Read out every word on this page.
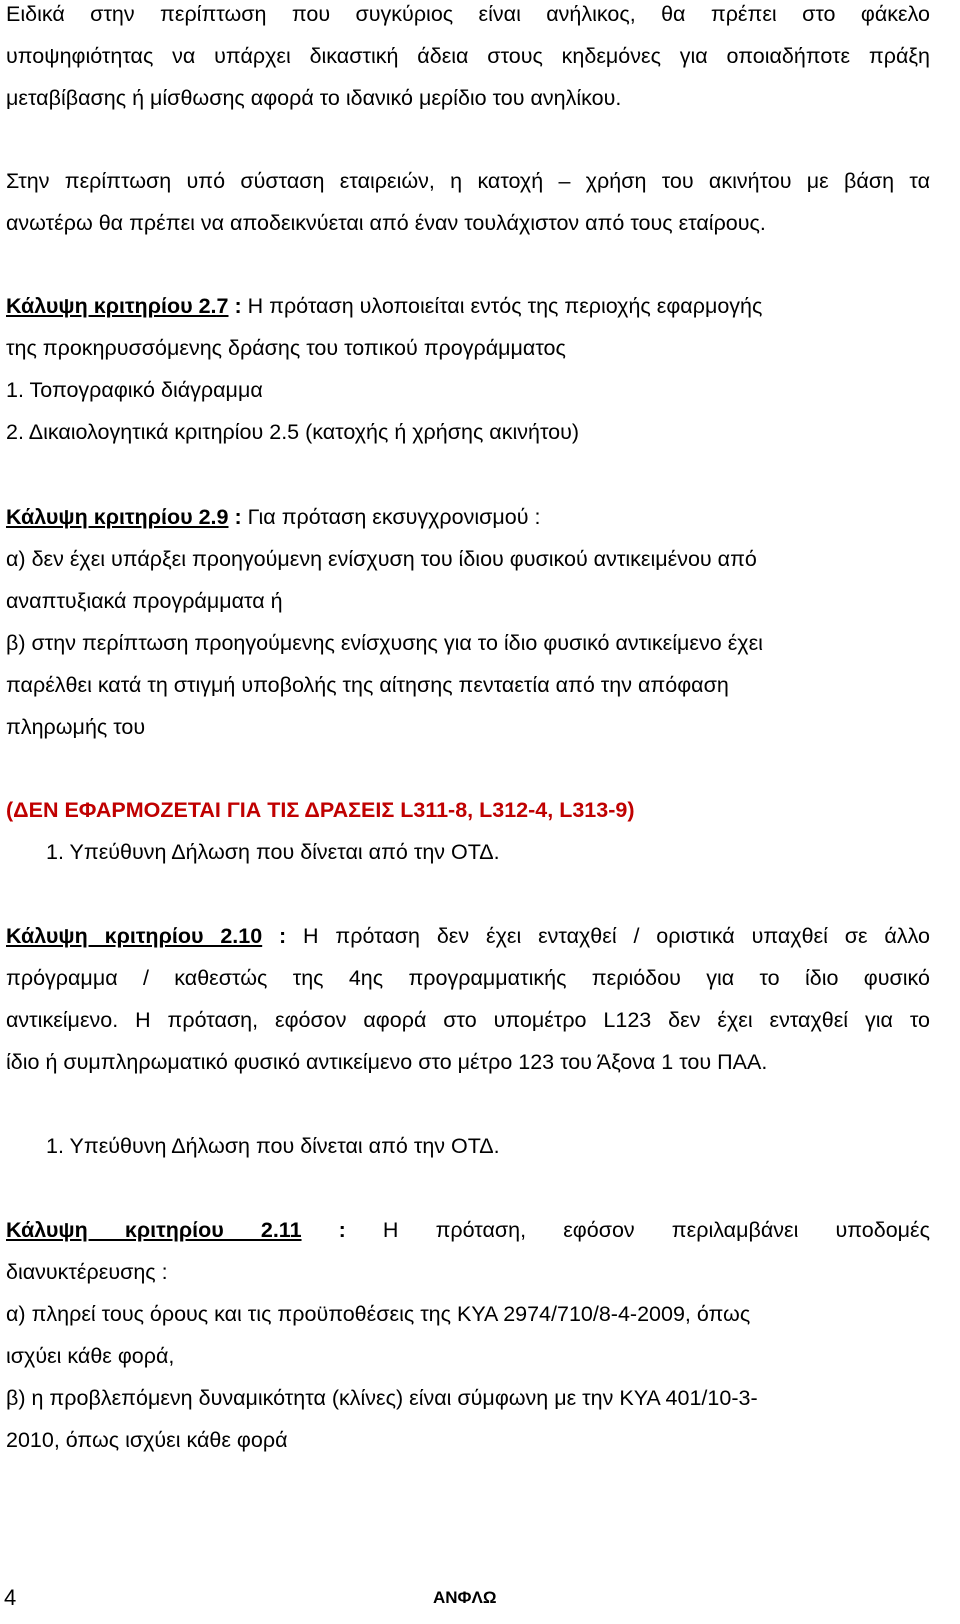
Ειδικά στην περίπτωση που συγκύριος είναι ανήλικος, θα πρέπει στο φάκελο

υποψηφιότητας να υπάρχει δικαστική άδεια στους κηδεμόνες για οποιαδήποτε πράξη

μεταβίβασης ή μίσθωσης αφορά το ιδανικό μερίδιο του ανηλίκου.

Στην περίπτωση υπό σύσταση εταιρειών, η κατοχή – χρήση του ακινήτου με βάση τα

ανωτέρω θα πρέπει να αποδεικνύεται από έναν τουλάχιστον από τους εταίρους.

Κάλυψη κριτηρίου 2.7 : Η πρόταση υλοποιείται εντός της περιοχής εφαρμογής

της προκηρυσσόμενης δράσης του τοπικού προγράμματος

1. Τοπογραφικό διάγραμμα

2. Δικαιολογητικά κριτηρίου 2.5 (κατοχής ή χρήσης ακινήτου)

Κάλυψη κριτηρίου 2.9 : Για πρόταση εκσυγχρονισμού :

α) δεν έχει υπάρξει προηγούμενη ενίσχυση του ίδιου φυσικού αντικειμένου από

αναπτυξιακά προγράμματα ή

β) στην περίπτωση προηγούμενης ενίσχυσης για το ίδιο φυσικό αντικείμενο έχει

παρέλθει κατά τη στιγμή υποβολής της αίτησης πενταετία από την απόφαση

πληρωμής του

(ΔΕΝ ΕΦΑΡΜΟΖΕΤΑΙ ΓΙΑ ΤΙΣ ΔΡΑΣΕΙΣ L311-8, L312-4, L313-9)

1. Υπεύθυνη Δήλωση που δίνεται από την ΟΤΔ.

Κάλυψη κριτηρίου 2.10 : Η πρόταση δεν έχει ενταχθεί / οριστικά υπαχθεί σε άλλο

πρόγραμμα / καθεστώς της 4ης προγραμματικής περιόδου για το ίδιο φυσικό

αντικείμενο. Η πρόταση, εφόσον αφορά στο υπομέτρο L123 δεν έχει ενταχθεί για το

ίδιο ή συμπληρωματικό φυσικό αντικείμενο στο μέτρο 123 του Άξονα 1 του ΠΑΑ.

1. Υπεύθυνη Δήλωση που δίνεται από την ΟΤΔ.

Κάλυψη κριτηρίου 2.11 : Η πρόταση, εφόσον περιλαμβάνει υποδομές

διανυκτέρευσης :

α) πληρεί τους όρους και τις προϋποθέσεις της ΚΥΑ 2974/710/8-4-2009, όπως

ισχύει κάθε φορά,

β) η προβλεπόμενη δυναμικότητα (κλίνες) είναι σύμφωνη με την ΚΥΑ 401/10-3-

2010, όπως ισχύει κάθε φορά

4	ΑΝΦΛΩ
